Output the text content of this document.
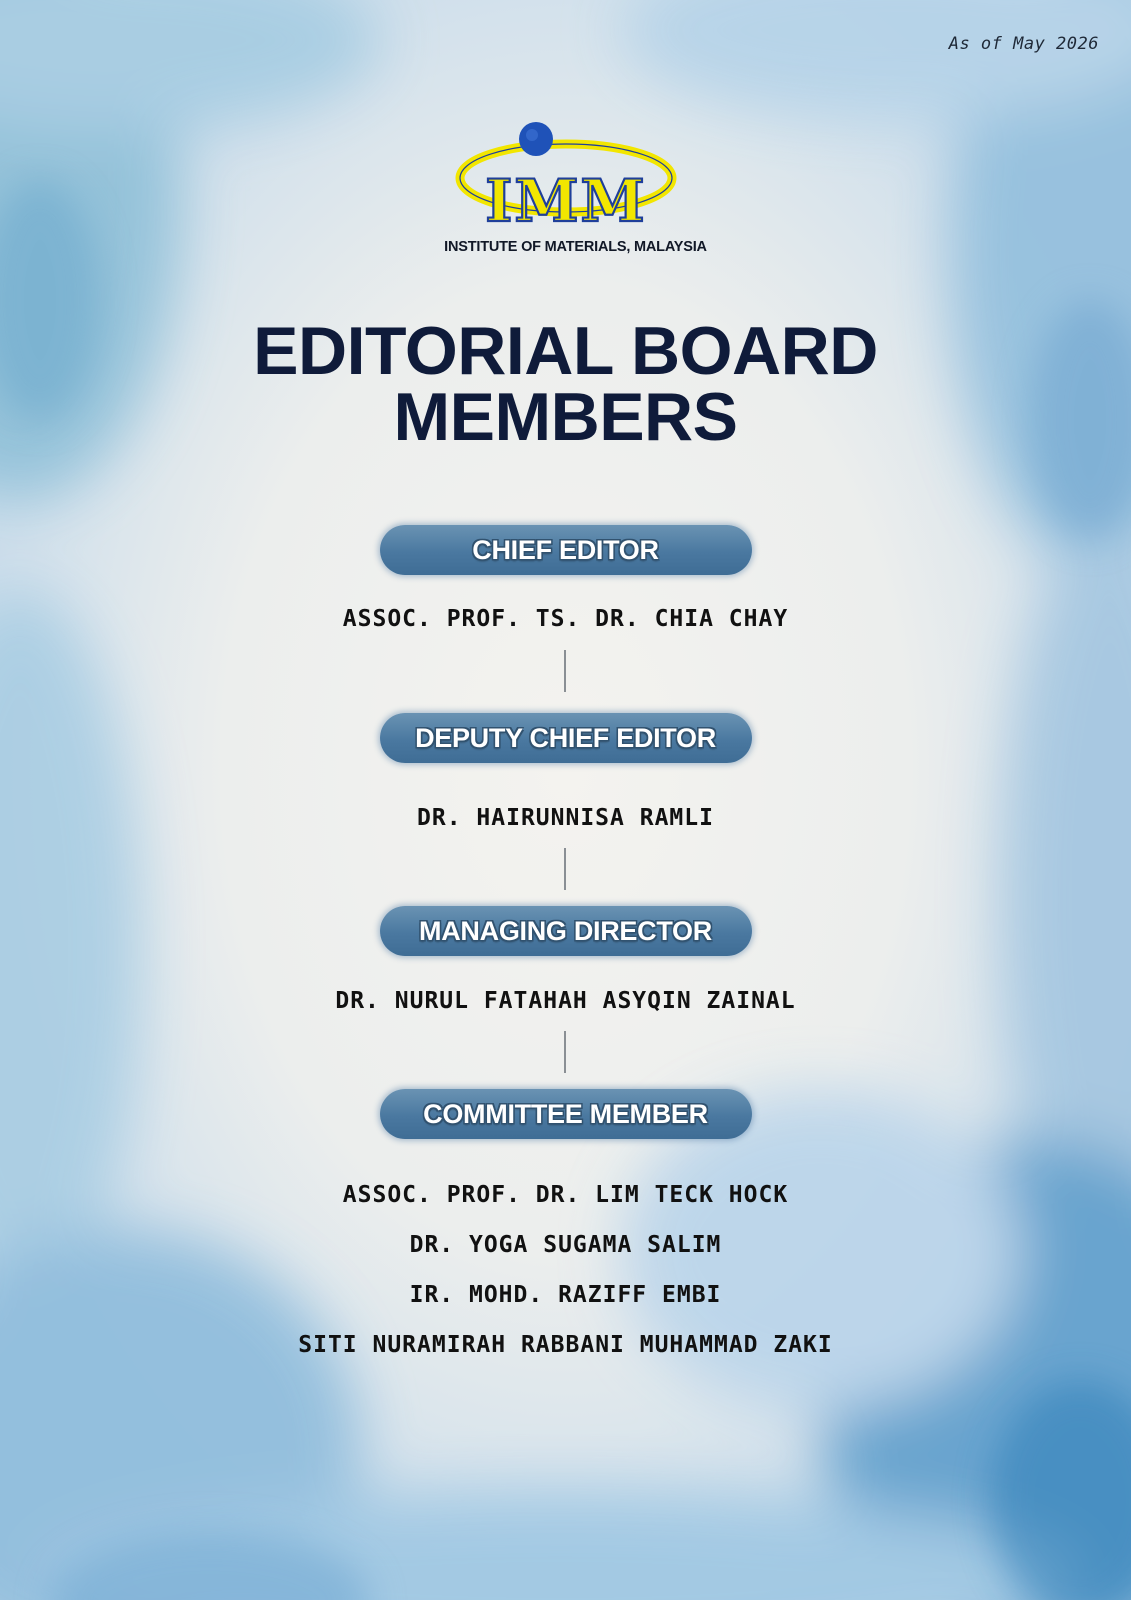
As of May 2026
IMM
INSTITUTE OF MATERIALS, MALAYSIA
EDITORIAL BOARD
MEMBERS
CHIEF EDITOR
ASSOC. PROF. TS. DR. CHIA CHAY
DEPUTY CHIEF EDITOR
DR. HAIRUNNISA RAMLI
MANAGING DIRECTOR
DR. NURUL FATAHAH ASYQIN ZAINAL
COMMITTEE MEMBER
ASSOC. PROF. DR. LIM TECK HOCK
DR. YOGA SUGAMA SALIM
IR. MOHD. RAZIFF EMBI
SITI NURAMIRAH RABBANI MUHAMMAD ZAKI
